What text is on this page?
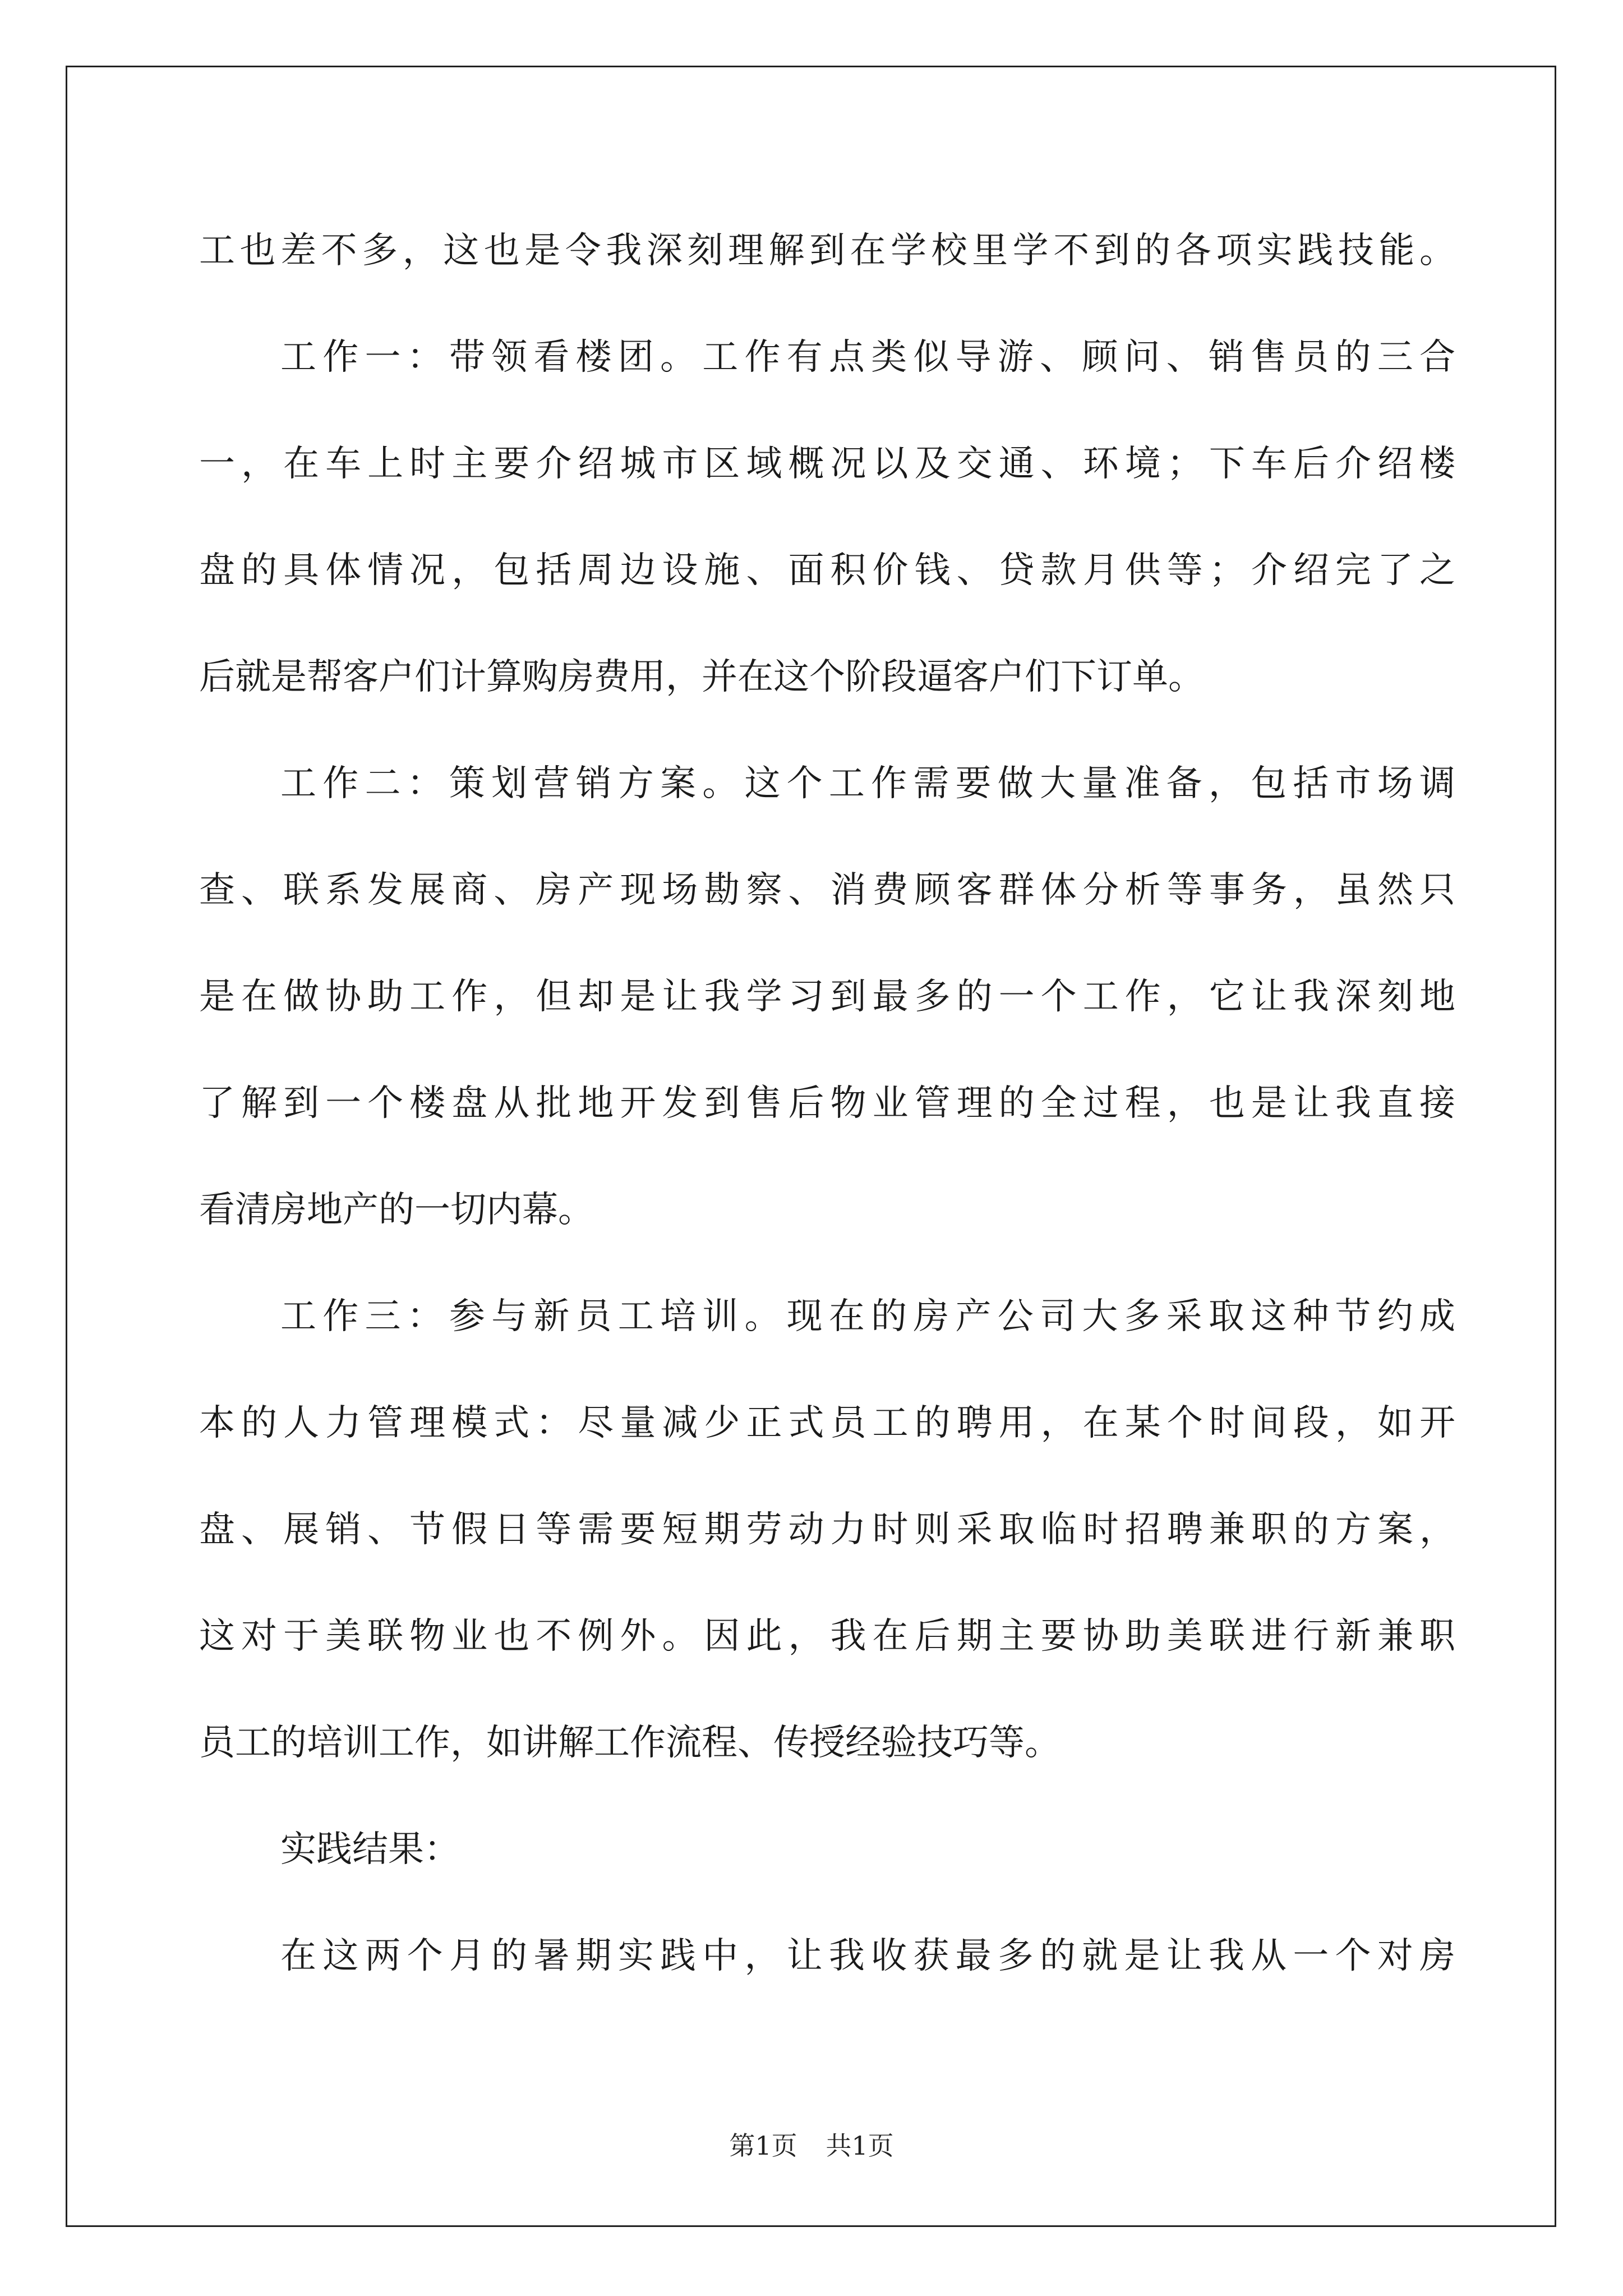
工也差不多，这也是令我深刻理解到在学校里学不到的各项实践技能。
工作一：带领看楼团。工作有点类似导游、顾问、销售员的三合
一，在车上时主要介绍城市区域概况以及交通、环境；下车后介绍楼
盘的具体情况，包括周边设施、面积价钱、贷款月供等；介绍完了之
后就是帮客户们计算购房费用，并在这个阶段逼客户们下订单。
工作二：策划营销方案。这个工作需要做大量准备，包括市场调
查、联系发展商、房产现场勘察、消费顾客群体分析等事务，虽然只
是在做协助工作，但却是让我学习到最多的一个工作，它让我深刻地
了解到一个楼盘从批地开发到售后物业管理的全过程，也是让我直接
看清房地产的一切内幕。
工作三：参与新员工培训。现在的房产公司大多采取这种节约成
本的人力管理模式：尽量减少正式员工的聘用，在某个时间段，如开
盘、展销、节假日等需要短期劳动力时则采取临时招聘兼职的方案，
这对于美联物业也不例外。因此，我在后期主要协助美联进行新兼职
员工的培训工作，如讲解工作流程、传授经验技巧等。
实践结果：
在这两个月的暑期实践中，让我收获最多的就是让我从一个对房
第1页 共1页
